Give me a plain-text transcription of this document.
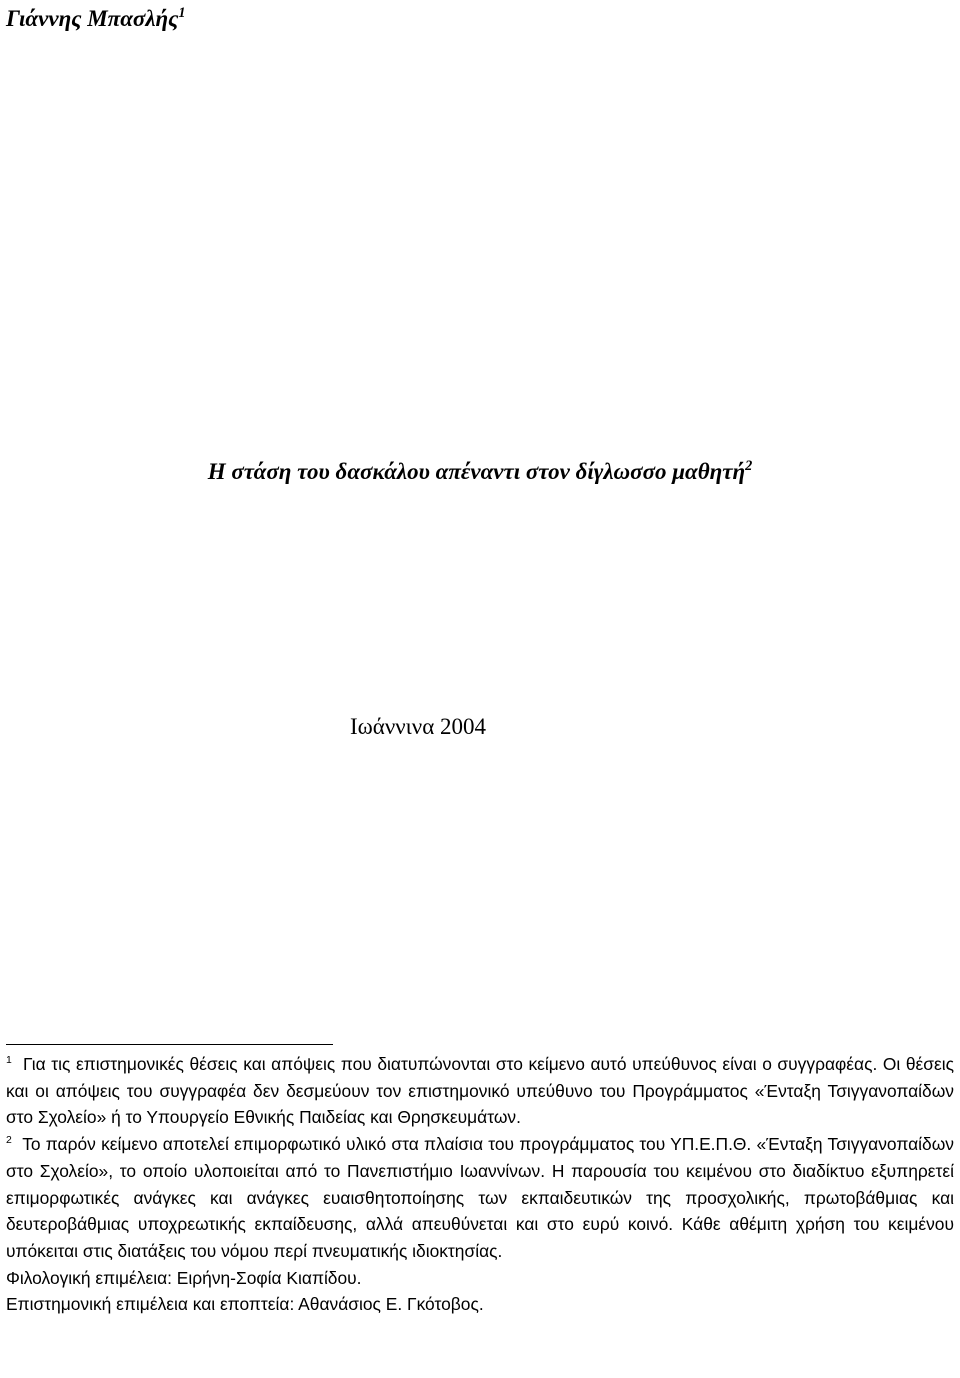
Γιάννης Μπασλής$^1$
Η στάση του δασκάλου απέναντι στον δίγλωσσο μαθητή$^2$
Ιωάννινα 2004

$^1$ Για τις επιστημονικές θέσεις και απόψεις που διατυπώνονται στο κείμενο αυτό υπεύθυνος είναι ο συγγραφέας. Οι θέσεις και οι απόψεις του συγγραφέα δεν δεσμεύουν τον επιστημονικό υπεύθυνο του Προγράμματος «Ένταξη Τσιγγανοπαίδων στο Σχολείο» ή το Υπουργείο Εθνικής Παιδείας και Θρησκευμάτων.

$^2$ Το παρόν κείμενο αποτελεί επιμορφωτικό υλικό στα πλαίσια του προγράμματος του ΥΠ.Ε.Π.Θ. «Ένταξη Τσιγγανοπαίδων στο Σχολείο», το οποίο υλοποιείται από το Πανεπιστήμιο Ιωαννίνων. Η παρουσία του κειμένου στο διαδίκτυο εξυπηρετεί επιμορφωτικές ανάγκες και ανάγκες ευαισθητοποίησης των εκπαιδευτικών της προσχολικής, πρωτοβάθμιας και δευτεροβάθμιας υποχρεωτικής εκπαίδευσης, αλλά απευθύνεται και στο ευρύ κοινό. Κάθε αθέμιτη χρήση του κειμένου υπόκειται στις διατάξεις του νόμου περί πνευματικής ιδιοκτησίας.

Φιλολογική επιμέλεια: Ειρήνη-Σοφία Κιαπίδου.

Επιστημονική επιμέλεια και εποπτεία: Αθανάσιος Ε. Γκότοβος.
